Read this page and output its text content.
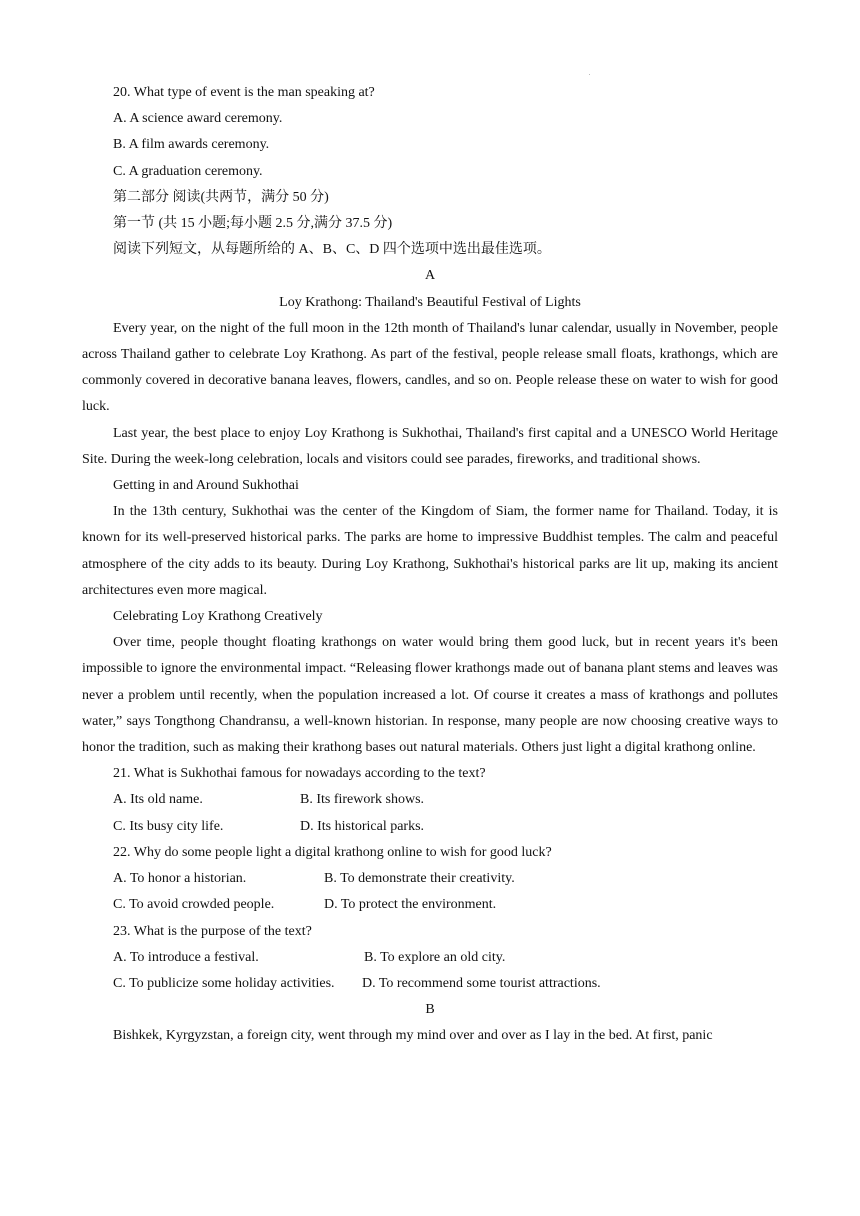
20. What type of event is the man speaking at?
A. A science award ceremony.
B. A film awards ceremony.
C. A graduation ceremony.
第二部分 阅读(共两节，满分 50 分)
第一节 (共 15 小题;每小题 2.5 分,满分 37.5 分)
阅读下列短文，从每题所给的 A、B、C、D 四个选项中选出最佳选项。
A
Loy Krathong: Thailand's Beautiful Festival of Lights
Every year, on the night of the full moon in the 12th month of Thailand's lunar calendar, usually in November, people across Thailand gather to celebrate Loy Krathong. As part of the festival, people release small floats, krathongs, which are commonly covered in decorative banana leaves, flowers, candles, and so on. People release these on water to wish for good luck.
Last year, the best place to enjoy Loy Krathong is Sukhothai, Thailand's first capital and a UNESCO World Heritage Site. During the week-long celebration, locals and visitors could see parades, fireworks, and traditional shows.
Getting in and Around Sukhothai
In the 13th century, Sukhothai was the center of the Kingdom of Siam, the former name for Thailand. Today, it is known for its well-preserved historical parks. The parks are home to impressive Buddhist temples. The calm and peaceful atmosphere of the city adds to its beauty. During Loy Krathong, Sukhothai's historical parks are lit up, making its ancient architectures even more magical.
Celebrating Loy Krathong Creatively
Over time, people thought floating krathongs on water would bring them good luck, but in recent years it's been impossible to ignore the environmental impact. “Releasing flower krathongs made out of banana plant stems and leaves was never a problem until recently, when the population increased a lot. Of course it creates a mass of krathongs and pollutes water,” says Tongthong Chandransu, a well-known historian. In response, many people are now choosing creative ways to honor the tradition, such as making their krathong bases out natural materials. Others just light a digital krathong online.
21. What is Sukhothai famous for nowadays according to the text?
A. Its old name.	B. Its firework shows.
C. Its busy city life.	D. Its historical parks.
22. Why do some people light a digital krathong online to wish for good luck?
A. To honor a historian.	B. To demonstrate their creativity.
C. To avoid crowded people.	D. To protect the environment.
23. What is the purpose of the text?
A. To introduce a festival.	B. To explore an old city.
C. To publicize some holiday activities.	D. To recommend some tourist attractions.
B
Bishkek, Kyrgyzstan, a foreign city, went through my mind over and over as I lay in the bed. At first, panic
